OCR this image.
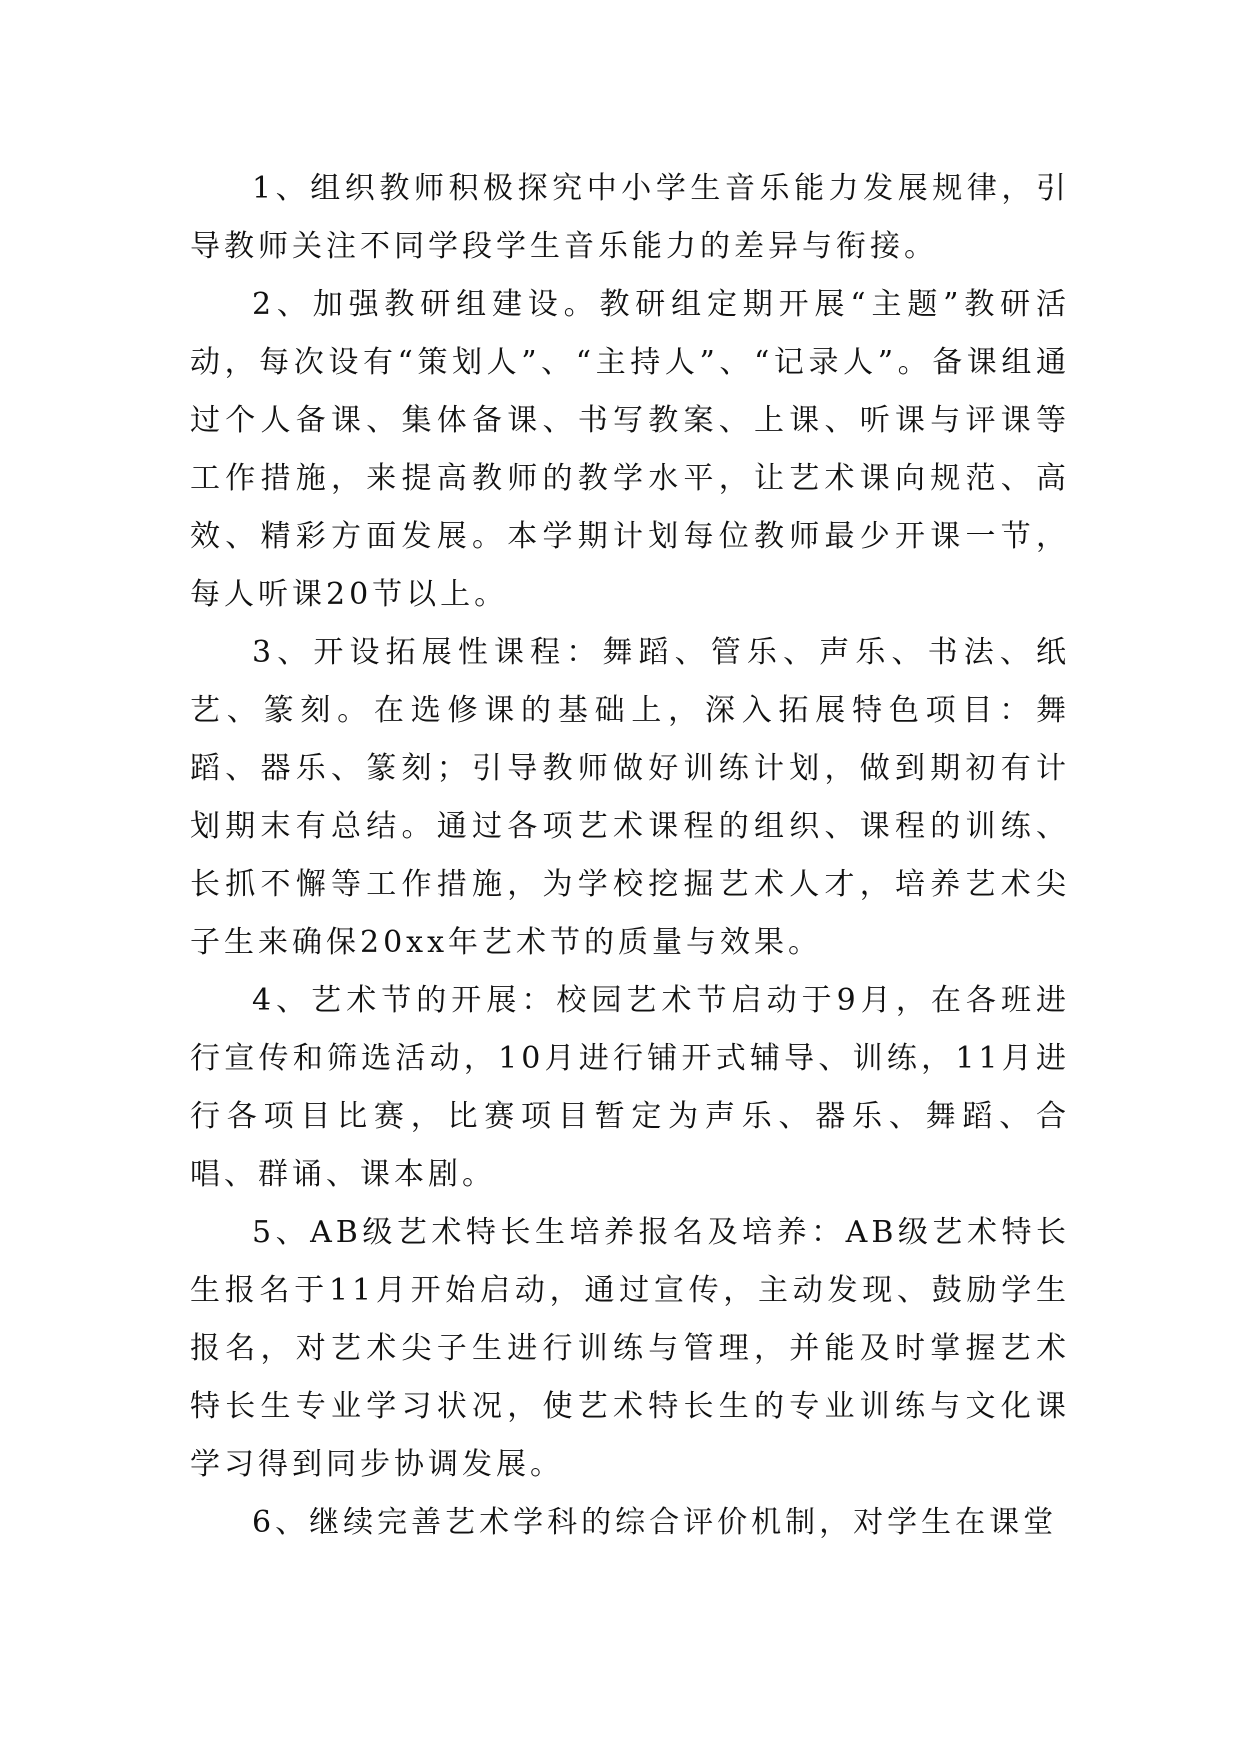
1、组织教师积极探究中小学生音乐能力发展规律，引导教师关注不同学段学生音乐能力的差异与衔接。

2、加强教研组建设。教研组定期开展“主题”教研活动，每次设有“策划人”、“主持人”、“记录人”。备课组通过个人备课、集体备课、书写教案、上课、听课与评课等工作措施，来提高教师的教学水平，让艺术课向规范、高效、精彩方面发展。本学期计划每位教师最少开课一节，每人听课20节以上。

3、开设拓展性课程：舞蹈、管乐、声乐、书法、纸艺、篆刻。在选修课的基础上，深入拓展特色项目：舞蹈、器乐、篆刻；引导教师做好训练计划，做到期初有计划期末有总结。通过各项艺术课程的组织、课程的训练、长抓不懈等工作措施，为学校挖掘艺术人才，培养艺术尖子生来确保20xx年艺术节的质量与效果。

4、艺术节的开展：校园艺术节启动于9月，在各班进行宣传和筛选活动，10月进行铺开式辅导、训练，11月进行各项目比赛，比赛项目暂定为声乐、器乐、舞蹈、合唱、群诵、课本剧。

5、AB级艺术特长生培养报名及培养：AB级艺术特长生报名于11月开始启动，通过宣传，主动发现、鼓励学生报名，对艺术尖子生进行训练与管理，并能及时掌握艺术特长生专业学习状况，使艺术特长生的专业训练与文化课学习得到同步协调发展。

6、继续完善艺术学科的综合评价机制，对学生在课堂
